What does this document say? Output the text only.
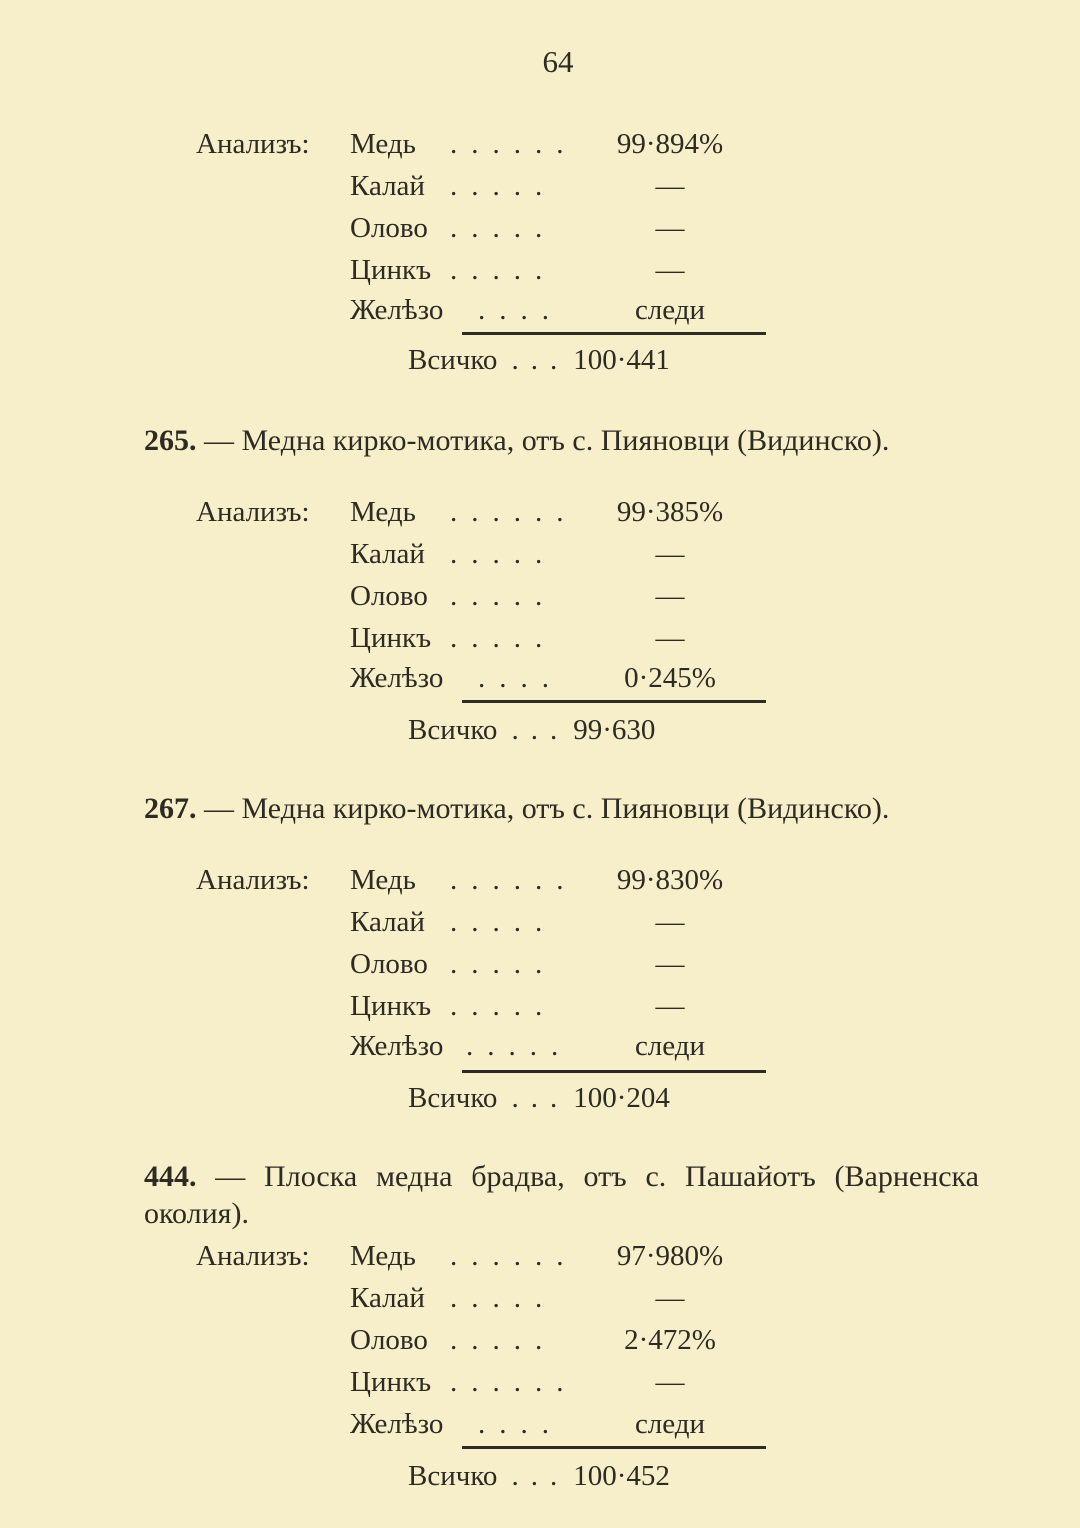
64
Анализъ: Медь ......	99·894%
Калай .....	—
Олово .....	—
Цинкъ .....	—
Желѣзо ....	следи
Всичко ... 100·441
265. — Медна кирко-мотика, отъ с. Пияновци (Видинско).
Анализъ: Медь ......	99·385%
Калай .....	—
Олово .....	—
Цинкъ .....	—
Желѣзо ....	0·245%
Всичко ... 99·630
267. — Медна кирко-мотика, отъ с. Пияновци (Видинско).
Анализъ: Медь ......	99·830%
Калай .....	—
Олово .....	—
Цинкъ .....	—
Желѣзо .....	следи
Всичко ... 100·204
444. — Плоска медна брадва, отъ с. Пашайотъ (Варненска околия).
Анализъ: Медь ......	97·980%
Калай .....	—
Олово .....	2·472%
Цинкъ ......	—
Желѣзо ....	следи
Всичко ... 100·452
